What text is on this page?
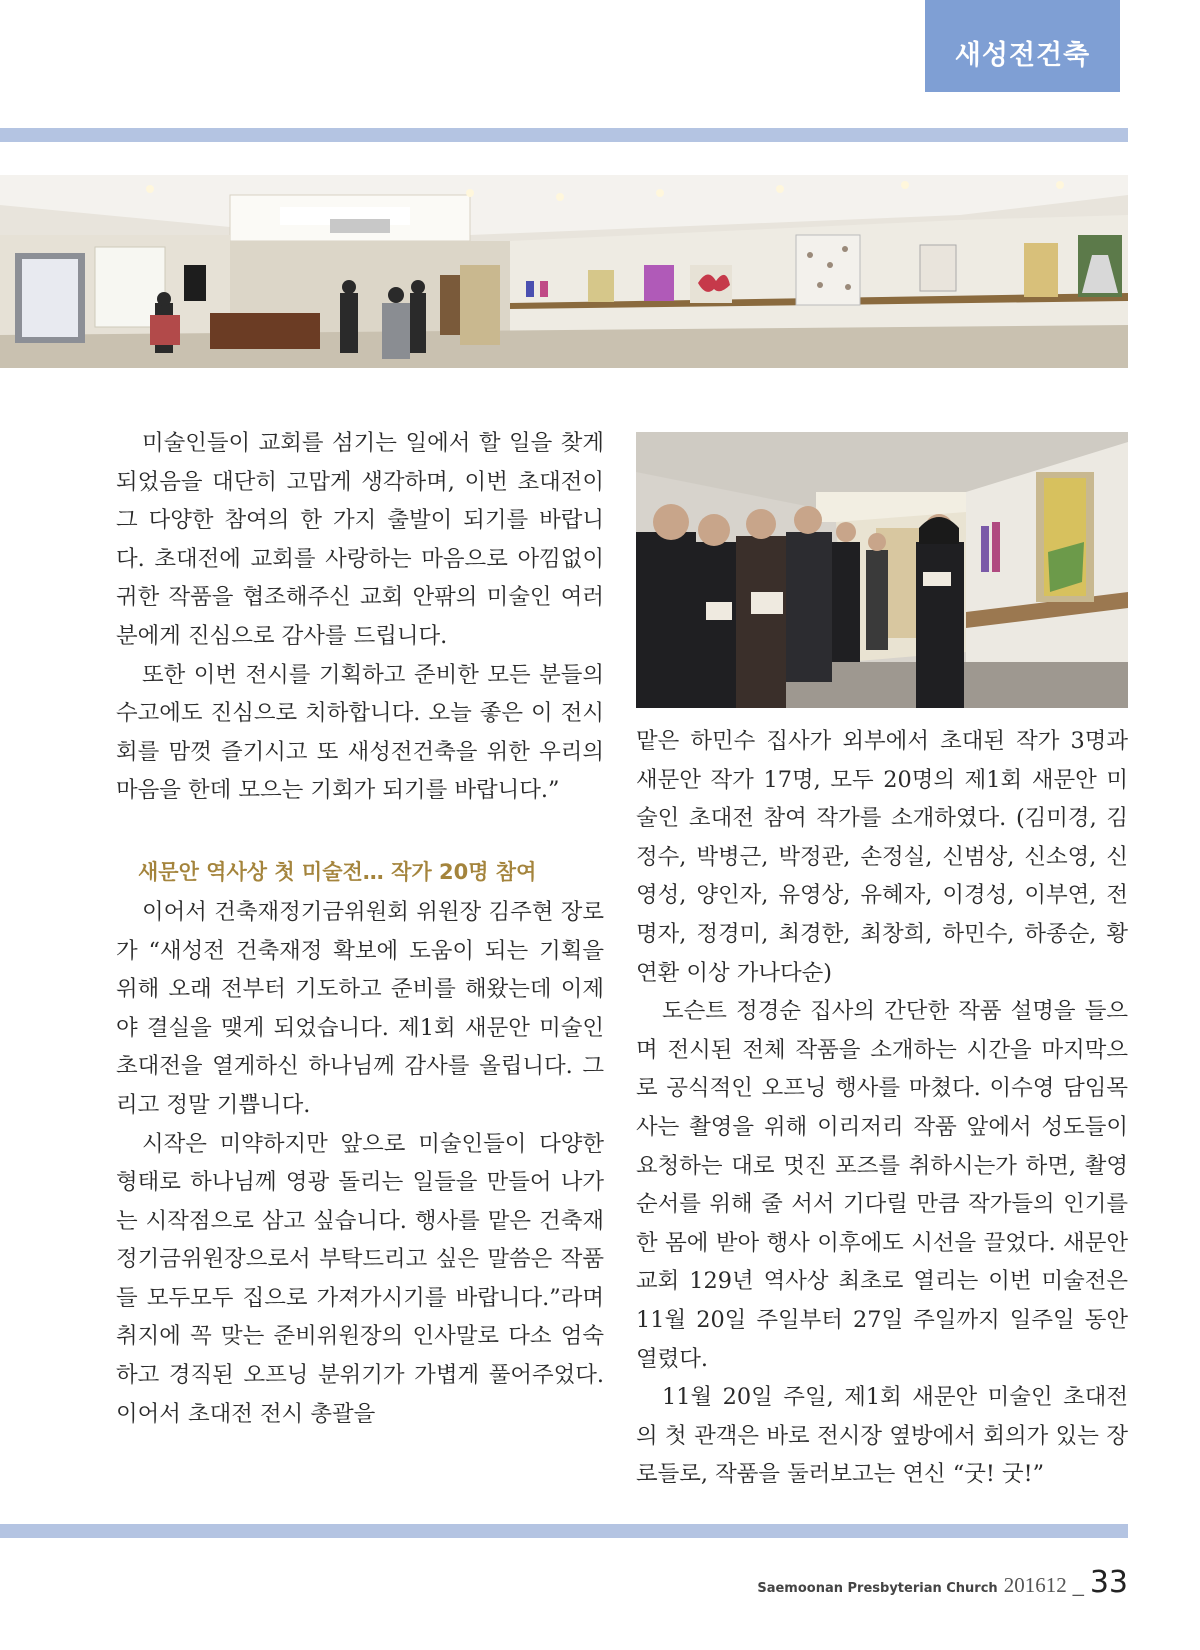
새성전건축

미술인들이 교회를 섬기는 일에서 할 일을 찾게 되었음을 대단히 고맙게 생각하며, 이번 초대전이 그 다양한 참여의 한 가지 출발이 되기를 바랍니다. 초대전에 교회를 사랑하는 마음으로 아낌없이 귀한 작품을 협조해주신 교회 안팎의 미술인 여러분에게 진심으로 감사를 드립니다.

또한 이번 전시를 기획하고 준비한 모든 분들의 수고에도 진심으로 치하합니다. 오늘 좋은 이 전시회를 맘껏 즐기시고 또 새성전건축을 위한 우리의 마음을 한데 모으는 기회가 되기를 바랍니다.”

새문안 역사상 첫 미술전… 작가 20명 참여

이어서 건축재정기금위원회 위원장 김주현 장로가 “새성전 건축재정 확보에 도움이 되는 기획을 위해 오래 전부터 기도하고 준비를 해왔는데 이제야 결실을 맺게 되었습니다. 제1회 새문안 미술인 초대전을 열게하신 하나님께 감사를 올립니다. 그리고 정말 기쁩니다.

시작은 미약하지만 앞으로 미술인들이 다양한 형태로 하나님께 영광 돌리는 일들을 만들어 나가는 시작점으로 삼고 싶습니다. 행사를 맡은 건축재정기금위원장으로서 부탁드리고 싶은 말씀은 작품들 모두모두 집으로 가져가시기를 바랍니다.”라며 취지에 꼭 맞는 준비위원장의 인사말로 다소 엄숙하고 경직된 오프닝 분위기가 가볍게 풀어주었다. 이어서 초대전 전시 총괄을

맡은 하민수 집사가 외부에서 초대된 작가 3명과 새문안 작가 17명, 모두 20명의 제1회 새문안 미술인 초대전 참여 작가를 소개하였다. (김미경, 김정수, 박병근, 박정관, 손정실, 신범상, 신소영, 신영성, 양인자, 유영상, 유혜자, 이경성, 이부연, 전명자, 정경미, 최경한, 최창희, 하민수, 하종순, 황연환 이상 가나다순)

도슨트 정경순 집사의 간단한 작품 설명을 들으며 전시된 전체 작품을 소개하는 시간을 마지막으로 공식적인 오프닝 행사를 마쳤다. 이수영 담임목사는 촬영을 위해 이리저리 작품 앞에서 성도들이 요청하는 대로 멋진 포즈를 취하시는가 하면, 촬영 순서를 위해 줄 서서 기다릴 만큼 작가들의 인기를 한 몸에 받아 행사 이후에도 시선을 끌었다. 새문안교회 129년 역사상 최초로 열리는 이번 미술전은 11월 20일 주일부터 27일 주일까지 일주일 동안 열렸다.

11월 20일 주일, 제1회 새문안 미술인 초대전의 첫 관객은 바로 전시장 옆방에서 회의가 있는 장로들로, 작품을 둘러보고는 연신 “굿! 굿!”

Saemoonan Presbyterian Church 201612 _ 33
